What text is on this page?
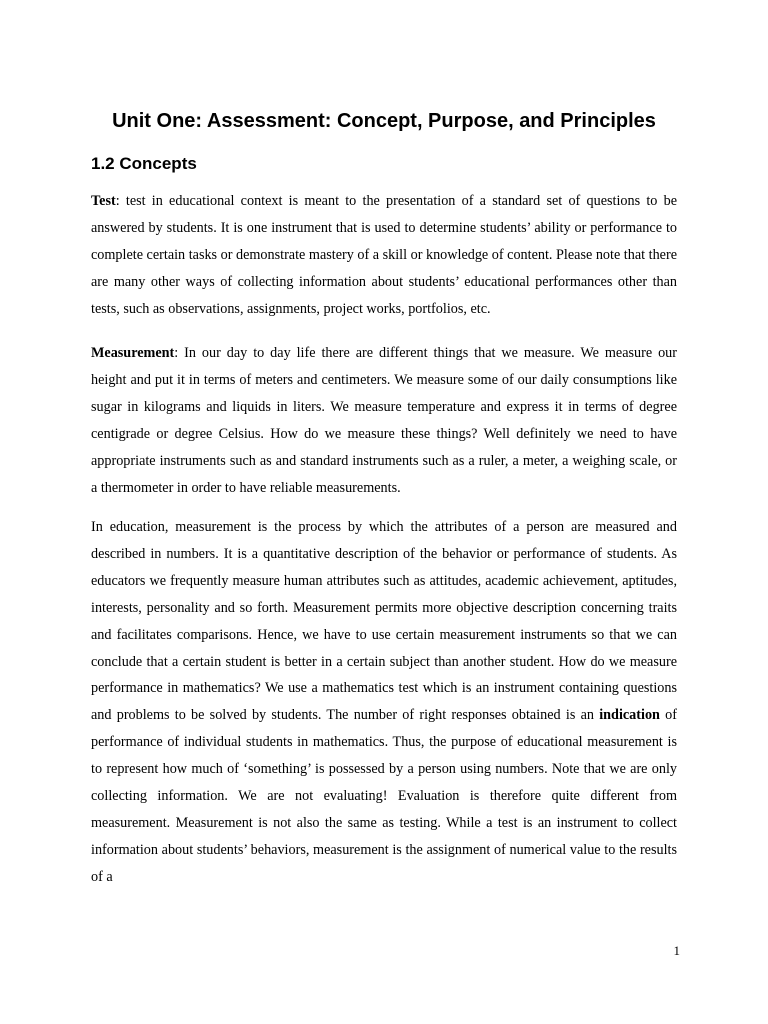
Unit One: Assessment: Concept, Purpose, and Principles
1.2 Concepts

Test: test in educational context is meant to the presentation of a standard set of questions to be answered by students. It is one instrument that is used to determine students’ ability or performance to complete certain tasks or demonstrate mastery of a skill or knowledge of content. Please note that there are many other ways of collecting information about students’ educational performances other than tests, such as observations, assignments, project works, portfolios, etc.

Measurement: In our day to day life there are different things that we measure. We measure our height and put it in terms of meters and centimeters. We measure some of our daily consumptions like sugar in kilograms and liquids in liters. We measure temperature and express it in terms of degree centigrade or degree Celsius. How do we measure these things? Well definitely we need to have appropriate instruments such as and standard instruments such as a ruler, a meter, a weighing scale, or a thermometer in order to have reliable measurements.

In education, measurement is the process by which the attributes of a person are measured and described in numbers. It is a quantitative description of the behavior or performance of students. As educators we frequently measure human attributes such as attitudes, academic achievement, aptitudes, interests, personality and so forth. Measurement permits more objective description concerning traits and facilitates comparisons. Hence, we have to use certain measurement instruments so that we can conclude that a certain student is better in a certain subject than another student. How do we measure performance in mathematics? We use a mathematics test which is an instrument containing questions and problems to be solved by students. The number of right responses obtained is an indication of performance of individual students in mathematics. Thus, the purpose of educational measurement is to represent how much of ‘something’ is possessed by a person using numbers. Note that we are only collecting information. We are not evaluating! Evaluation is therefore quite different from measurement. Measurement is not also the same as testing. While a test is an instrument to collect information about students’ behaviors, measurement is the assignment of numerical value to the results of a

1
